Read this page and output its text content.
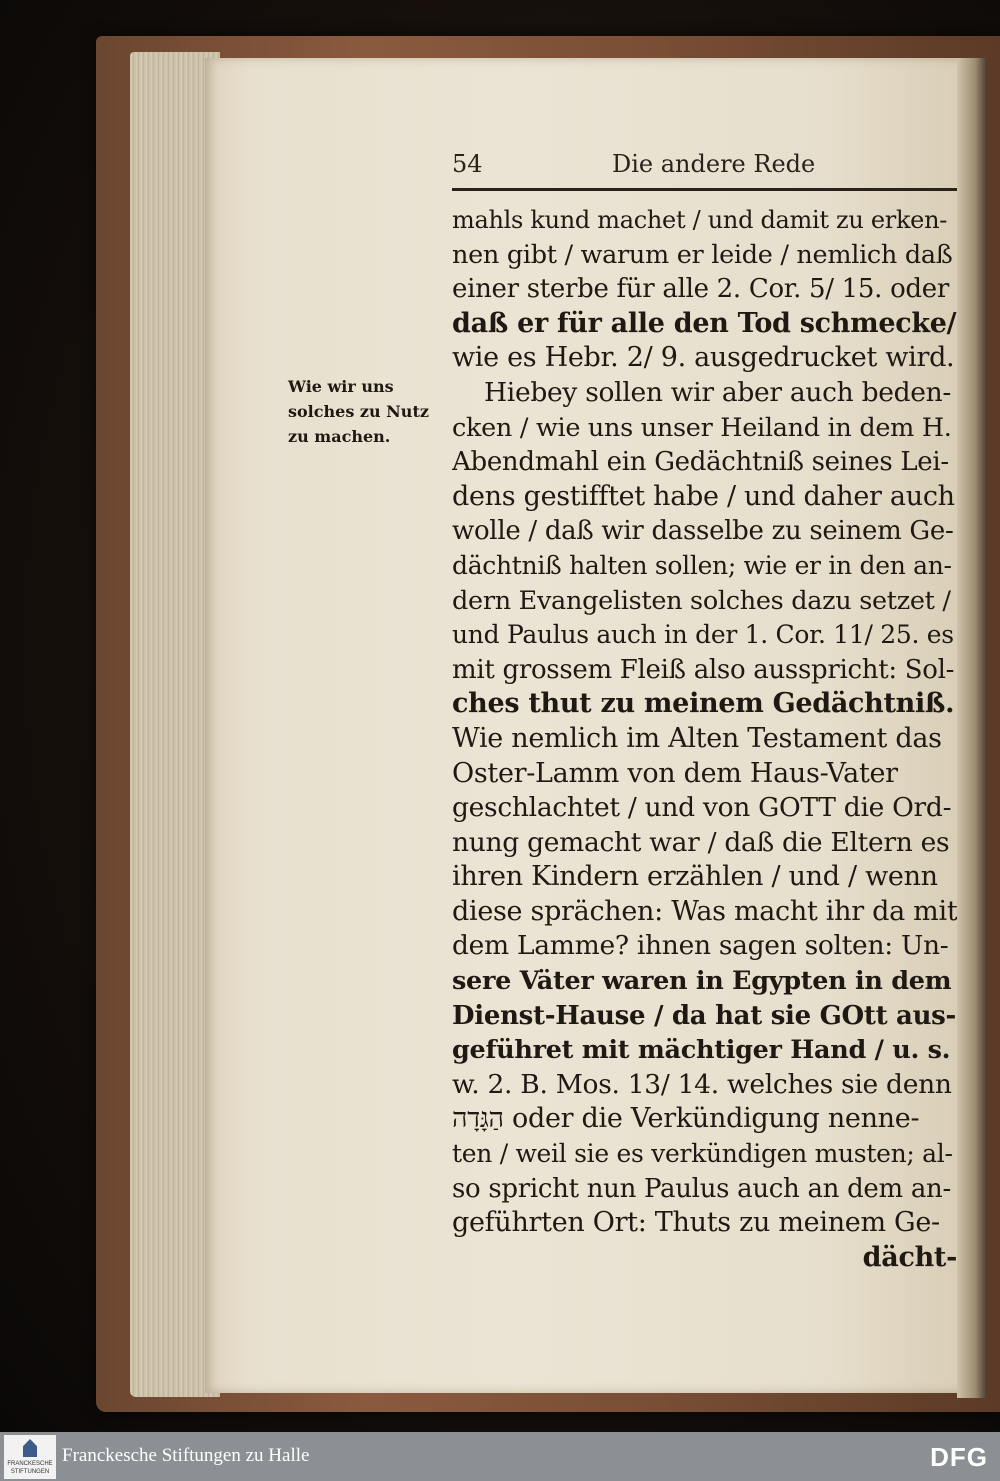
54	Die andere Rede
Wie wir uns
solches zu Nutz
zu machen.
mahls kund machet / und damit zu erken-
nen gibt / warum er leide / nemlich daß
einer sterbe für alle 2. Cor. 5/ 15. oder
daß er für alle den Tod schmecke/
wie es Hebr. 2/ 9. ausgedrucket wird.
Hiebey sollen wir aber auch beden-
cken / wie uns unser Heiland in dem H.
Abendmahl ein Gedächtniß seines Lei-
dens gestifftet habe / und daher auch
wolle / daß wir dasselbe zu seinem Ge-
dächtniß halten sollen; wie er in den an-
dern Evangelisten solches dazu setzet /
und Paulus auch in der 1. Cor. 11/ 25. es
mit grossem Fleiß also ausspricht: Sol-
ches thut zu meinem Gedächtniß.
Wie nemlich im Alten Testament das
Oster-Lamm von dem Haus-Vater
geschlachtet / und von GOTT die Ord-
nung gemacht war / daß die Eltern es
ihren Kindern erzählen / und / wenn
diese sprächen: Was macht ihr da mit
dem Lamme? ihnen sagen solten: Un-
sere Väter waren in Egypten in dem
Dienst-Hause / da hat sie GOtt aus-
geführet mit mächtiger Hand / u. s.
w. 2. B. Mos. 13/ 14. welches sie denn
הַגָּדָה oder die Verkündigung nenne-
ten / weil sie es verkündigen musten; al-
so spricht nun Paulus auch an dem an-
geführten Ort: Thuts zu meinem Ge-
dächt-
FRANCKESCHE
STIFTUNGEN
Franckesche Stiftungen zu Halle	DFG
